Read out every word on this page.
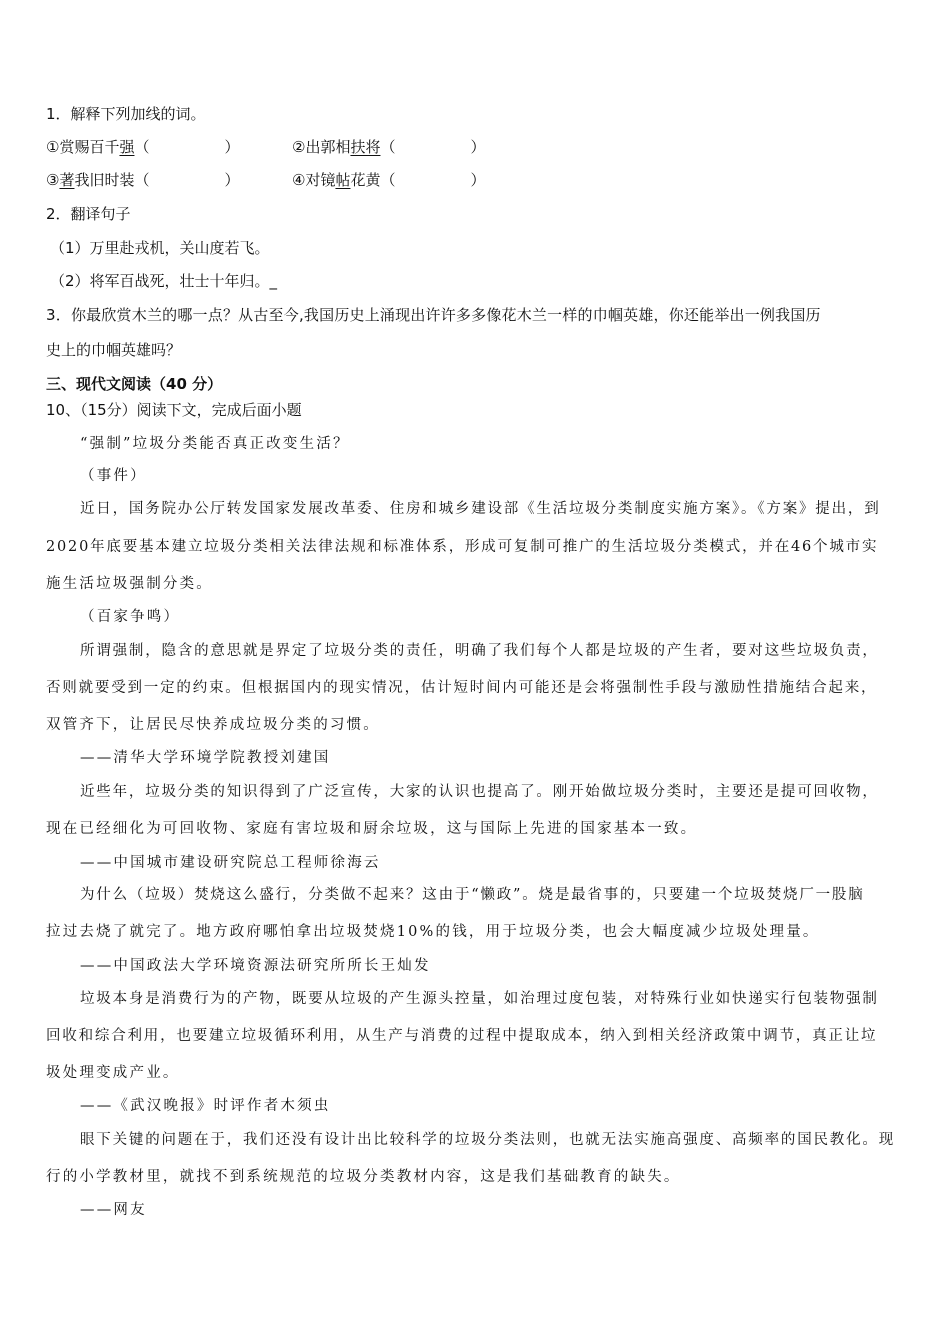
1．解释下列加线的词。
①赏赐百千强（　　　　　）	②出郭相扶将（　　　　　）
③著我旧时装（　　　　　）	④对镜帖花黄（　　　　　）
2．翻译句子
（1）万里赴戎机，关山度若飞。
（2）将军百战死，壮士十年归。_
3．你最欣赏木兰的哪一点？从古至今,我国历史上涌现出许许多多像花木兰一样的巾帼英雄，你还能举出一例我国历
史上的巾帼英雄吗？
三、现代文阅读（40 分）
10、（15分）阅读下文，完成后面小题
“强制”垃圾分类能否真正改变生活？
（事件）
近日，国务院办公厅转发国家发展改革委、住房和城乡建设部《生活垃圾分类制度实施方案》。《方案》提出，到
2020年底要基本建立垃圾分类相关法律法规和标准体系，形成可复制可推广的生活垃圾分类模式，并在46个城市实
施生活垃圾强制分类。
（百家争鸣）
所谓强制，隐含的意思就是界定了垃圾分类的责任，明确了我们每个人都是垃圾的产生者，要对这些垃圾负责，
否则就要受到一定的约束。但根据国内的现实情况，估计短时间内可能还是会将强制性手段与激励性措施结合起来，
双管齐下，让居民尽快养成垃圾分类的习惯。
——清华大学环境学院教授刘建国
近些年，垃圾分类的知识得到了广泛宣传，大家的认识也提高了。刚开始做垃圾分类时，主要还是提可回收物，
现在已经细化为可回收物、家庭有害垃圾和厨余垃圾，这与国际上先进的国家基本一致。
——中国城市建设研究院总工程师徐海云
为什么（垃圾）焚烧这么盛行，分类做不起来？这由于“懒政”。烧是最省事的，只要建一个垃圾焚烧厂一股脑
拉过去烧了就完了。地方政府哪怕拿出垃圾焚烧10%的钱，用于垃圾分类，也会大幅度减少垃圾处理量。
——中国政法大学环境资源法研究所所长王灿发
垃圾本身是消费行为的产物，既要从垃圾的产生源头控量，如治理过度包装，对特殊行业如快递实行包装物强制
回收和综合利用，也要建立垃圾循环利用，从生产与消费的过程中提取成本，纳入到相关经济政策中调节，真正让垃
圾处理变成产业。
——《武汉晚报》时评作者木须虫
眼下关键的问题在于，我们还没有设计出比较科学的垃圾分类法则，也就无法实施高强度、高频率的国民教化。现
行的小学教材里，就找不到系统规范的垃圾分类教材内容，这是我们基础教育的缺失。
——网友
